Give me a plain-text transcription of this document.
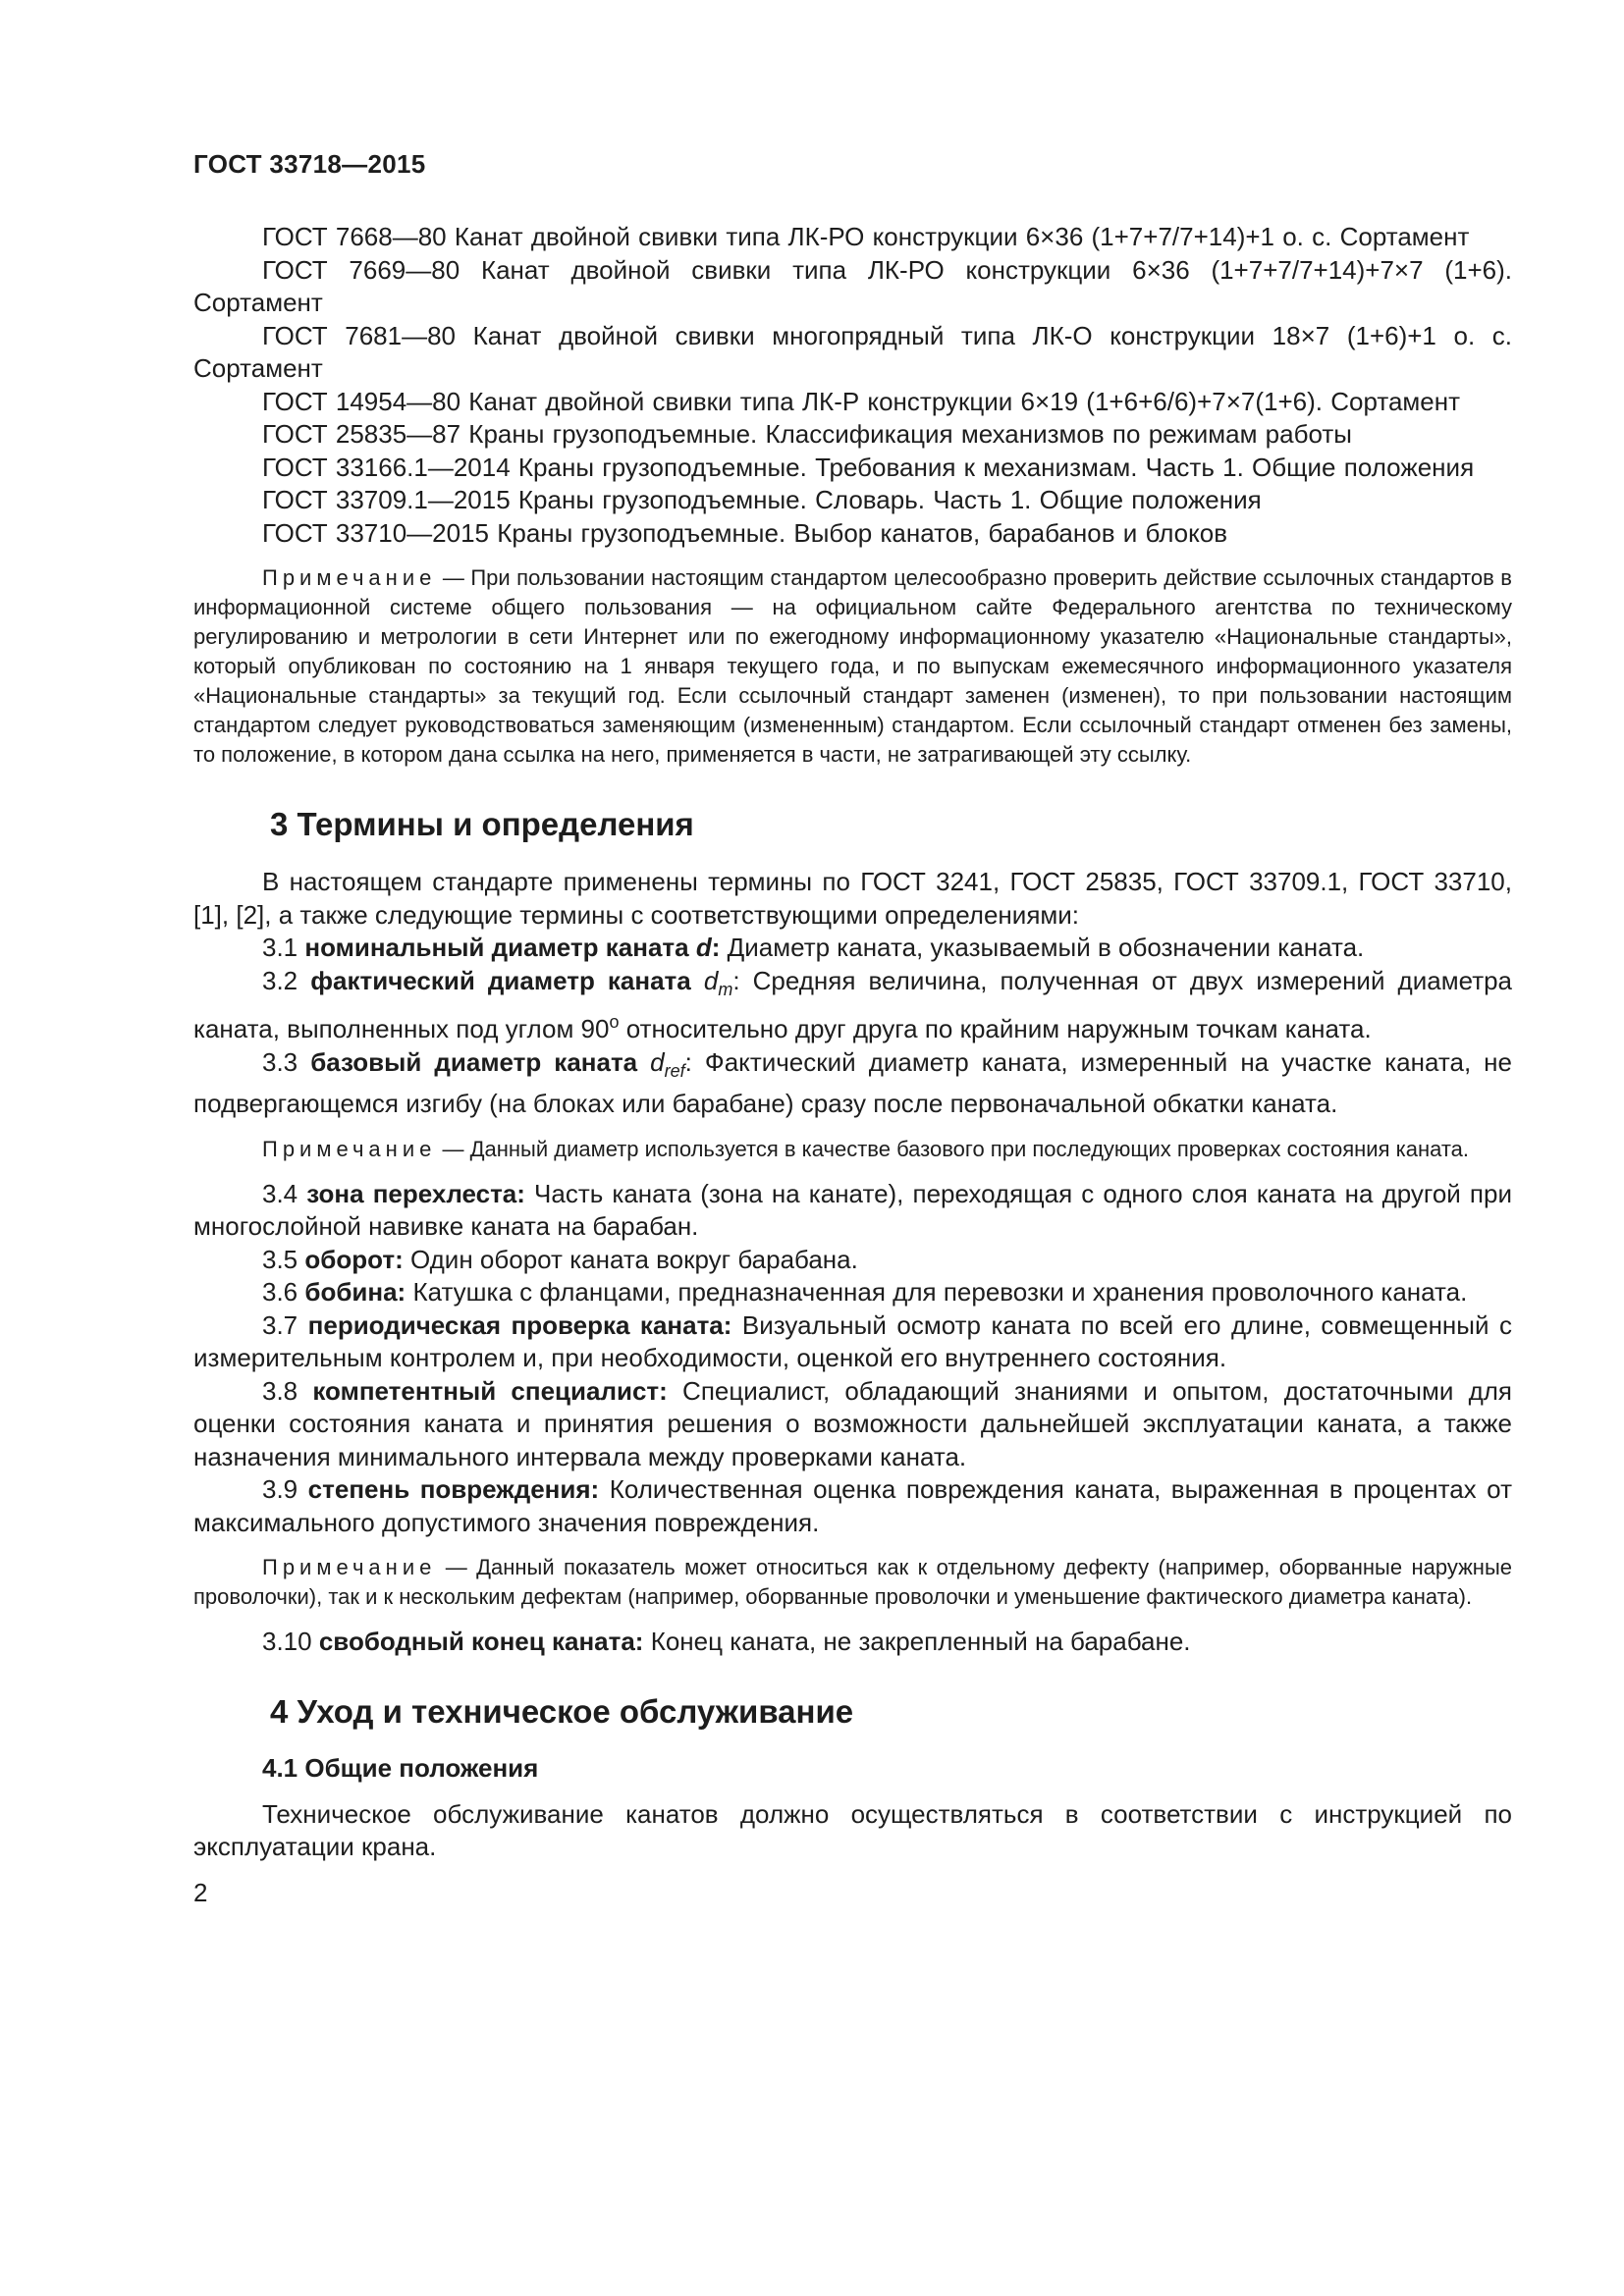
ГОСТ 33718—2015

ГОСТ 7668—80 Канат двойной свивки типа ЛК-РО конструкции 6×36 (1+7+7/7+14)+1 о. с. Сортамент

ГОСТ 7669—80 Канат двойной свивки типа ЛК-РО конструкции 6×36 (1+7+7/7+14)+7×7 (1+6). Сортамент

ГОСТ 7681—80 Канат двойной свивки многопрядный типа ЛК-О конструкции 18×7 (1+6)+1 о. с. Сортамент

ГОСТ 14954—80 Канат двойной свивки типа ЛК-Р конструкции 6×19 (1+6+6/6)+7×7(1+6). Сортамент

ГОСТ 25835—87 Краны грузоподъемные. Классификация механизмов по режимам работы

ГОСТ 33166.1—2014 Краны грузоподъемные. Требования к механизмам. Часть 1. Общие положения

ГОСТ 33709.1—2015 Краны грузоподъемные. Словарь. Часть 1. Общие положения

ГОСТ 33710—2015 Краны грузоподъемные. Выбор канатов, барабанов и блоков

Примечание — При пользовании настоящим стандартом целесообразно проверить действие ссылочных стандартов в информационной системе общего пользования — на официальном сайте Федерального агентства по техническому регулированию и метрологии в сети Интернет или по ежегодному информационному указателю «Национальные стандарты», который опубликован по состоянию на 1 января текущего года, и по выпускам ежемесячного информационного указателя «Национальные стандарты» за текущий год. Если ссылочный стандарт заменен (изменен), то при пользовании настоящим стандартом следует руководствоваться заменяющим (измененным) стандартом. Если ссылочный стандарт отменен без замены, то положение, в котором дана ссылка на него, применяется в части, не затрагивающей эту ссылку.

3 Термины и определения

В настоящем стандарте применены термины по ГОСТ 3241, ГОСТ 25835, ГОСТ 33709.1, ГОСТ 33710, [1], [2], а также следующие термины с соответствующими определениями:

3.1 номинальный диаметр каната d: Диаметр каната, указываемый в обозначении каната.

3.2 фактический диаметр каната $d_m$: Средняя величина, полученная от двух измерений диаметра каната, выполненных под углом 90$^o$ относительно друг друга по крайним наружным точкам каната.

3.3 базовый диаметр каната $d_{ref}$: Фактический диаметр каната, измеренный на участке каната, не подвергающемся изгибу (на блоках или барабане) сразу после первоначальной обкатки каната.

Примечание — Данный диаметр используется в качестве базового при последующих проверках состояния каната.

3.4 зона перехлеста: Часть каната (зона на канате), переходящая с одного слоя каната на другой при многослойной навивке каната на барабан.

3.5 оборот: Один оборот каната вокруг барабана.

3.6 бобина: Катушка с фланцами, предназначенная для перевозки и хранения проволочного каната.

3.7 периодическая проверка каната: Визуальный осмотр каната по всей его длине, совмещенный с измерительным контролем и, при необходимости, оценкой его внутреннего состояния.

3.8 компетентный специалист: Специалист, обладающий знаниями и опытом, достаточными для оценки состояния каната и принятия решения о возможности дальнейшей эксплуатации каната, а также назначения минимального интервала между проверками каната.

3.9 степень повреждения: Количественная оценка повреждения каната, выраженная в процентах от максимального допустимого значения повреждения.

Примечание — Данный показатель может относиться как к отдельному дефекту (например, оборванные наружные проволочки), так и к нескольким дефектам (например, оборванные проволочки и уменьшение фактического диаметра каната).

3.10 свободный конец каната: Конец каната, не закрепленный на барабане.

4 Уход и техническое обслуживание
4.1 Общие положения

Техническое обслуживание канатов должно осуществляться в соответствии с инструкцией по эксплуатации крана.

2
